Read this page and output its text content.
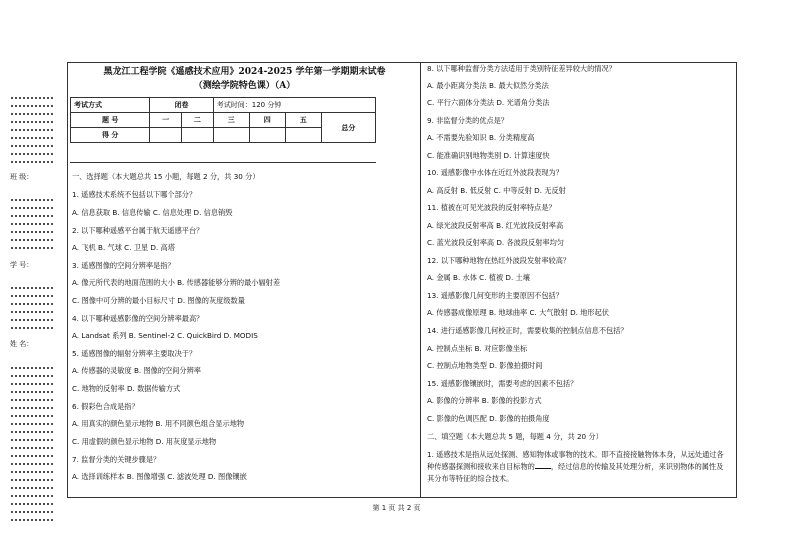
班 级：
学 号：
姓 名：
黑龙江工程学院《遥感技术应用》2024-2025 学年第一学期期末试卷
（测绘学院特色课）（A）
考试方式	闭卷		考试时间：120 分钟			
题 号	一	二	三	四	五	总分
得 分						
一、选择题（本大题总共 15 小题，每题 2 分，共 30 分）
1. 遥感技术系统不包括以下哪个部分？
A. 信息获取 B. 信息传输 C. 信息处理 D. 信息销毁
2. 以下哪种遥感平台属于航天遥感平台？
A. 飞机 B. 气球 C. 卫星 D. 高塔
3. 遥感图像的空间分辨率是指？
A. 像元所代表的地面范围的大小 B. 传感器能够分辨的最小辐射差
C. 图像中可分辨的最小目标尺寸 D. 图像的灰度级数量
4. 以下哪种遥感影像的空间分辨率最高？
A. Landsat 系列 B. Sentinel-2 C. QuickBird D. MODIS
5. 遥感图像的辐射分辨率主要取决于？
A. 传感器的灵敏度 B. 图像的空间分辨率
C. 地物的反射率 D. 数据传输方式
6. 假彩色合成是指？
A. 用真实的颜色显示地物 B. 用不同颜色组合显示地物
C. 用虚假的颜色显示地物 D. 用灰度显示地物
7. 监督分类的关键步骤是？
A. 选择训练样本 B. 图像增强 C. 滤波处理 D. 图像镶嵌
8. 以下哪种监督分类方法适用于类别特征差异较大的情况？
A. 最小距离分类法 B. 最大似然分类法
C. 平行六面体分类法 D. 光谱角分类法
9. 非监督分类的优点是？
A. 不需要先验知识 B. 分类精度高
C. 能准确识别地物类别 D. 计算速度快
10. 遥感影像中水体在近红外波段表现为？
A. 高反射 B. 低反射 C. 中等反射 D. 无反射
11. 植被在可见光波段的反射率特点是？
A. 绿光波段反射率高 B. 红光波段反射率高
C. 蓝光波段反射率高 D. 各波段反射率均匀
12. 以下哪种地物在热红外波段发射率较高？
A. 金属 B. 水体 C. 植被 D. 土壤
13. 遥感影像几何变形的主要原因不包括？
A. 传感器成像原理 B. 地球曲率 C. 大气散射 D. 地形起伏
14. 进行遥感影像几何校正时，需要收集的控制点信息不包括？
A. 控制点坐标 B. 对应影像坐标
C. 控制点地物类型 D. 影像拍摄时间
15. 遥感影像镶嵌时，需要考虑的因素不包括？
A. 影像的分辨率 B. 影像的投影方式
C. 影像的色调匹配 D. 影像的拍摄角度
二、填空题（本大题总共 5 题，每题 4 分，共 20 分）
1. 遥感技术是指从远处探测、感知物体或事物的技术。即不直接接触物体本身，从远处通过各种传感器探测和接收来自目标物的 ，经过信息的传输及其处理分析，来识别物体的属性及其分布等特征的综合技术。
第 1 页 共 2 页
